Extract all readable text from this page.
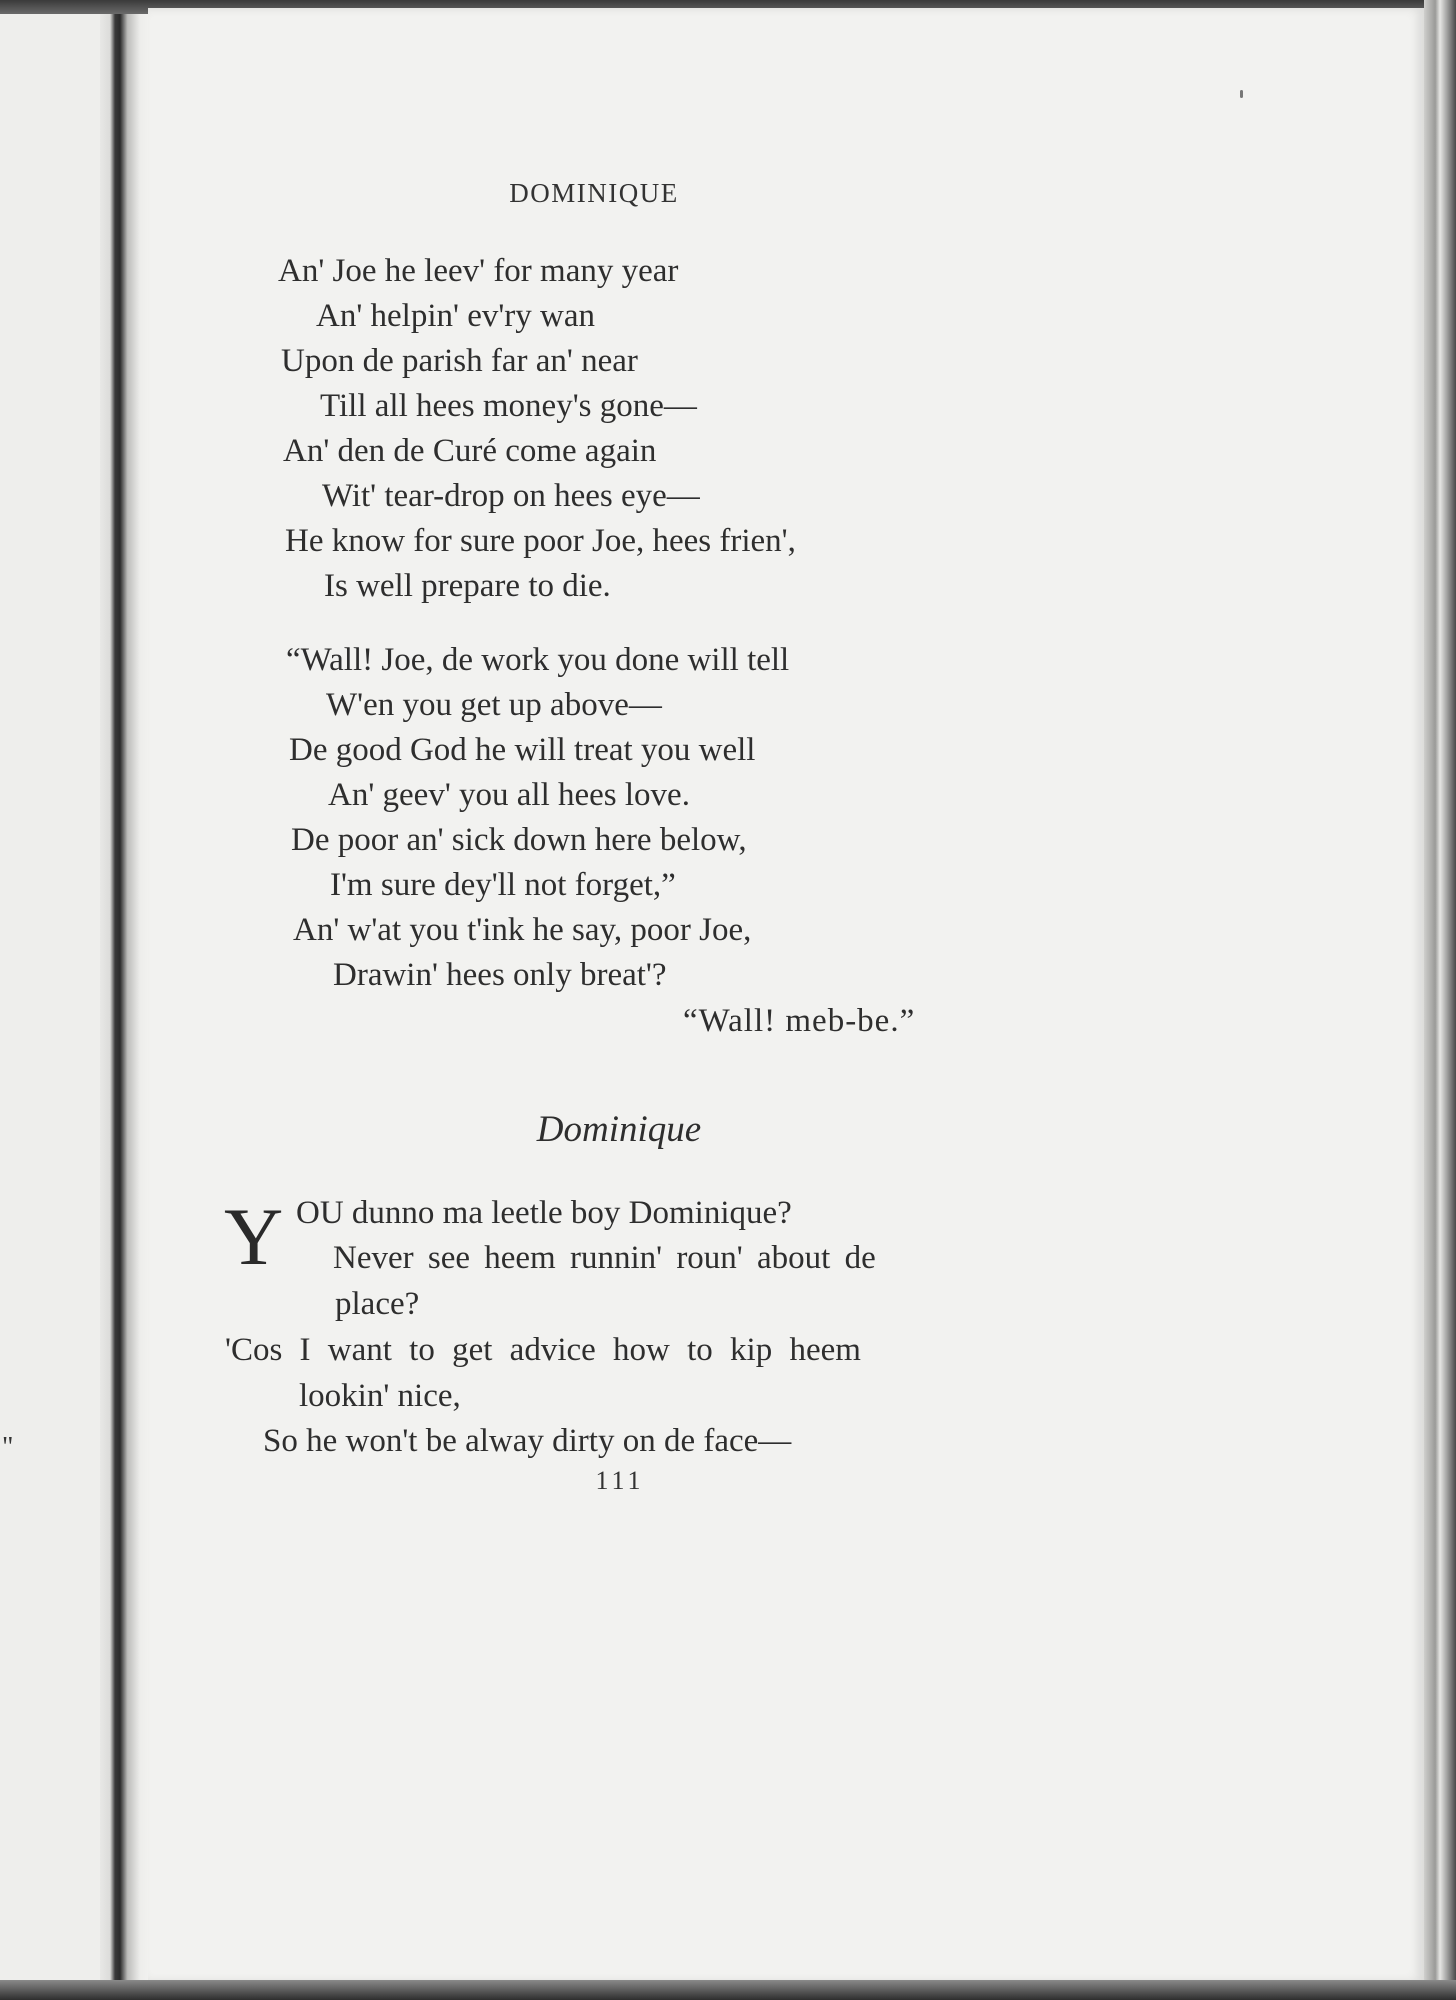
"
DOMINIQUE
An' Joe he leev' for many year
An' helpin' ev'ry wan
Upon de parish far an' near
Till all hees money's gone—
An' den de Curé come again
Wit' tear-drop on hees eye—
He know for sure poor Joe, hees frien',
Is well prepare to die.
“Wall! Joe, de work you done will tell
W'en you get up above—
De good God he will treat you well
An' geev' you all hees love.
De poor an' sick down here below,
I'm sure dey'll not forget,”
An' w'at you t'ink he say, poor Joe,
Drawin' hees only breat'?
“Wall! meb-be.”
Dominique
Y OU dunno ma leetle boy Dominique?
Never see heem runnin' roun' about de
place?
'Cos I want to get advice how to kip heem
lookin' nice,
So he won't be alway dirty on de face—
111
